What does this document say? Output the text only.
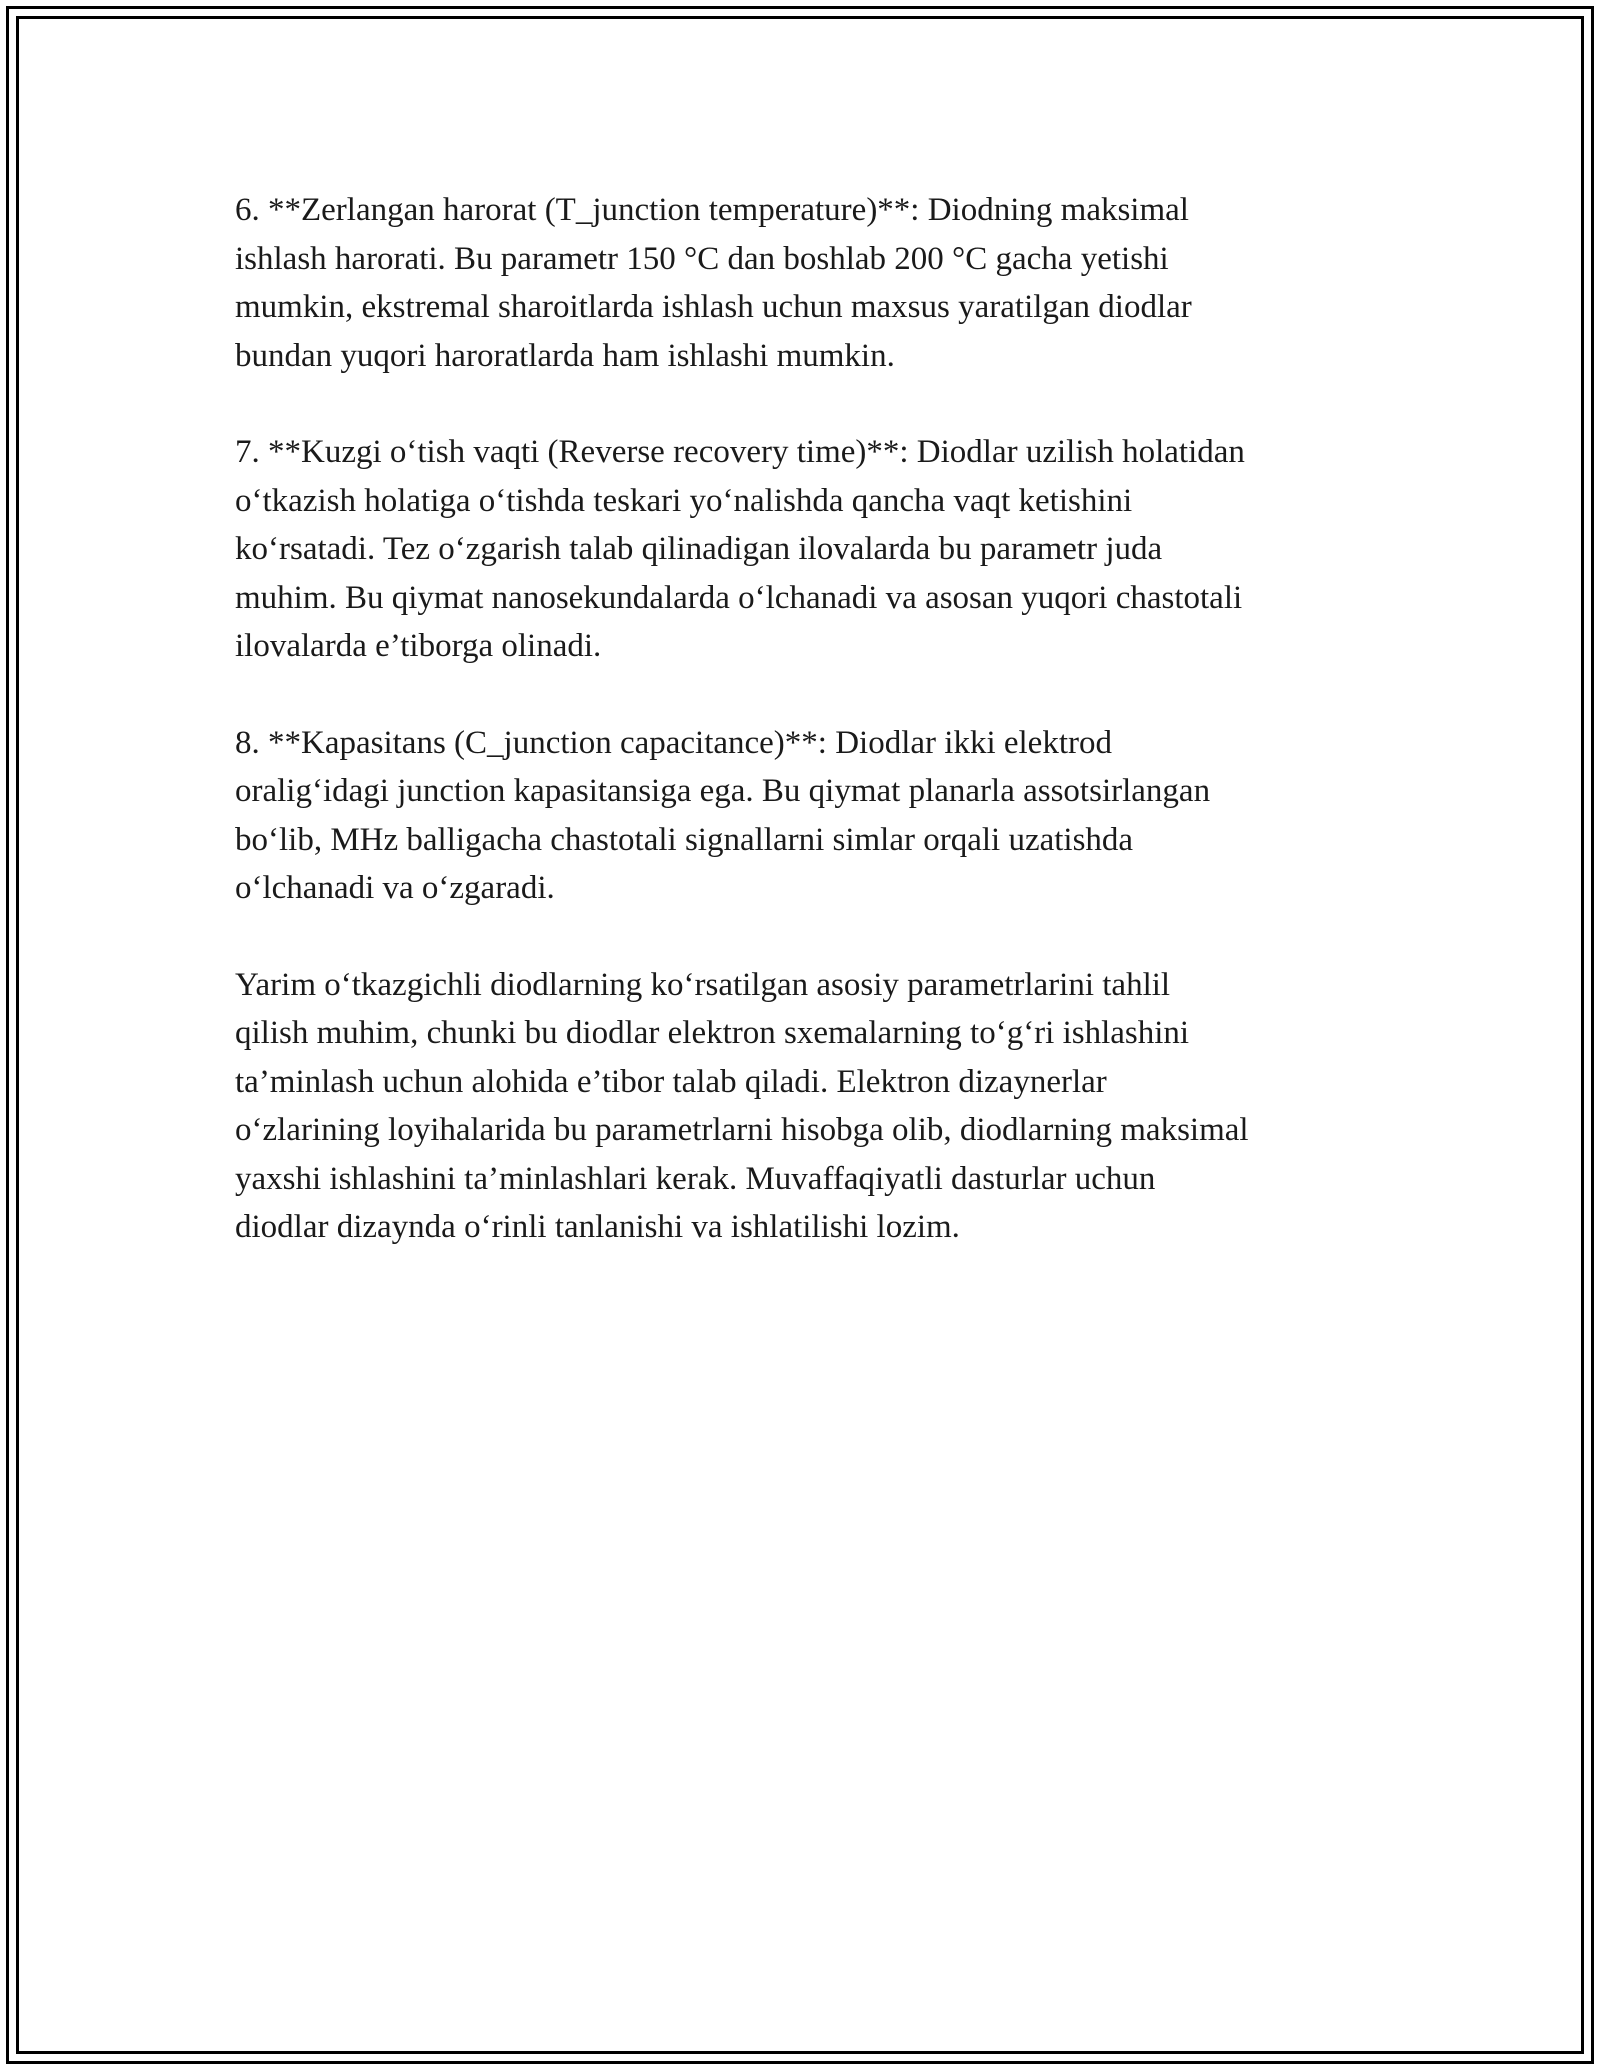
6. **Zerlangan harorat (T_junction temperature)**: Diodning maksimal
ishlash harorati. Bu parametr 150 °C dan boshlab 200 °C gacha yetishi
mumkin, ekstremal sharoitlarda ishlash uchun maxsus yaratilgan diodlar
bundan yuqori haroratlarda ham ishlashi mumkin.

7. **Kuzgi o‘tish vaqti (Reverse recovery time)**: Diodlar uzilish holatidan
o‘tkazish holatiga o‘tishda teskari yo‘nalishda qancha vaqt ketishini
ko‘rsatadi. Tez o‘zgarish talab qilinadigan ilovalarda bu parametr juda
muhim. Bu qiymat nanosekundalarda o‘lchanadi va asosan yuqori chastotali
ilovalarda e’tiborga olinadi.

8. **Kapasitans (C_junction capacitance)**: Diodlar ikki elektrod
oralig‘idagi junction kapasitansiga ega. Bu qiymat planarla assotsirlangan
bo‘lib, MHz balligacha chastotali signallarni simlar orqali uzatishda
o‘lchanadi va o‘zgaradi.

Yarim o‘tkazgichli diodlarning ko‘rsatilgan asosiy parametrlarini tahlil
qilish muhim, chunki bu diodlar elektron sxemalarning to‘g‘ri ishlashini
ta’minlash uchun alohida e’tibor talab qiladi. Elektron dizaynerlar
o‘zlarining loyihalarida bu parametrlarni hisobga olib, diodlarning maksimal
yaxshi ishlashini ta’minlashlari kerak. Muvaffaqiyatli dasturlar uchun
diodlar dizaynda o‘rinli tanlanishi va ishlatilishi lozim.
